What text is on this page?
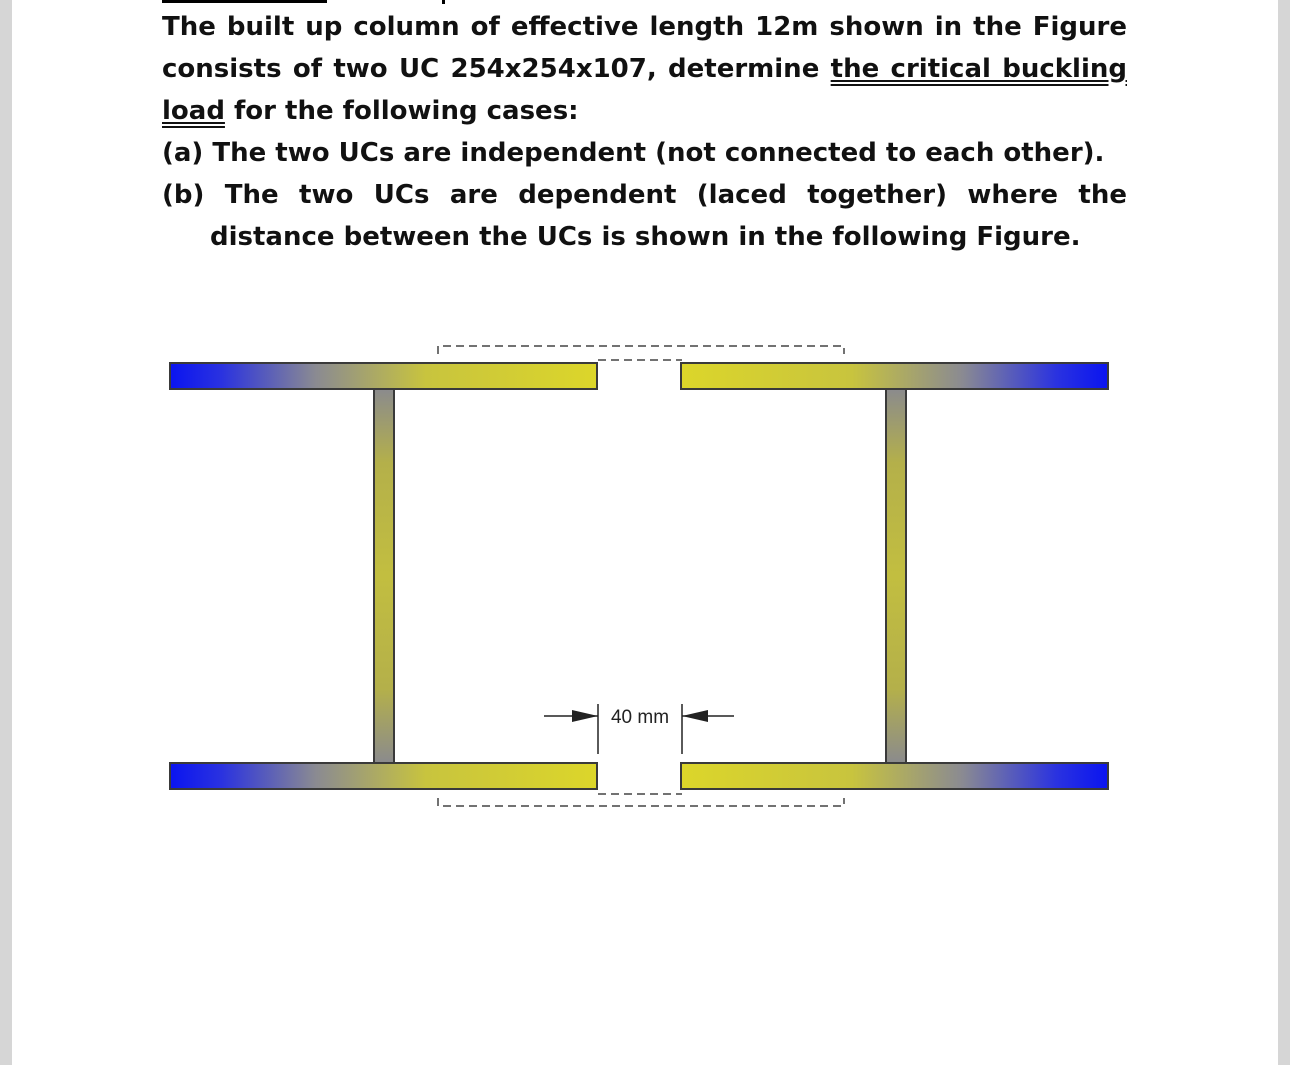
The built up column of effective length 12m shown in the Figure consists of two UC 254x254x107, determine the critical buckling load for the following cases:

(a) The two UCs are independent (not connected to each other).

(b) The two UCs are dependent (laced together) where the distance between the UCs is shown in the following Figure.

40 mm
